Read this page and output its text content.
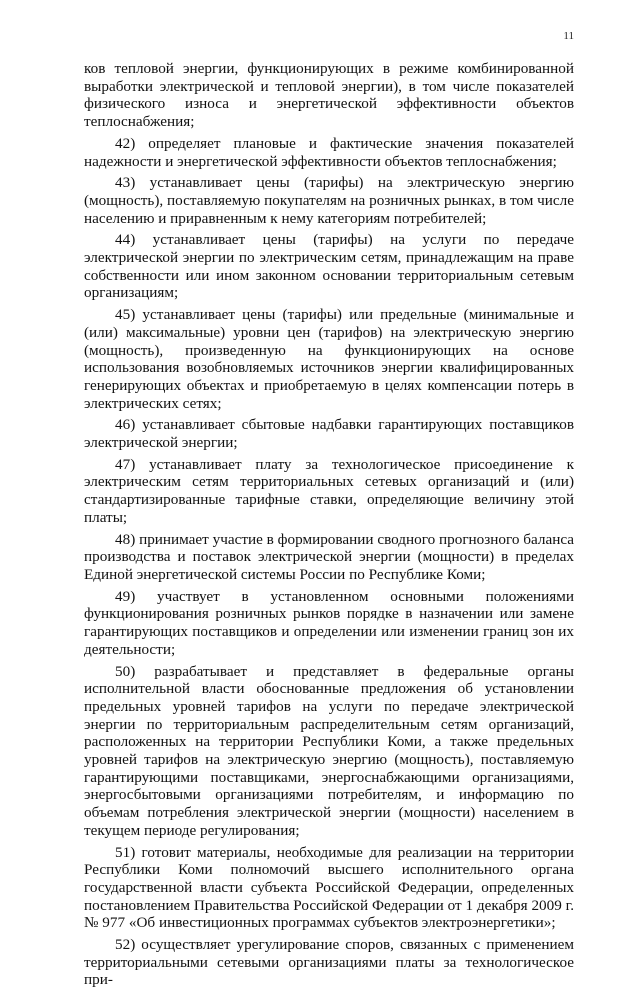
11

ков тепловой энергии, функционирующих в режиме комбинированной выработки электрической и тепловой энергии), в том числе показателей физического износа и энергетической эффективности объектов теплоснабжения;

42) определяет плановые и фактические значения показателей надежности и энергетической эффективности объектов теплоснабжения;

43) устанавливает цены (тарифы) на электрическую энергию (мощность), поставляемую покупателям на розничных рынках, в том числе населению и приравненным к нему категориям потребителей;

44) устанавливает цены (тарифы) на услуги по передаче электрической энергии по электрическим сетям, принадлежащим на праве собственности или ином законном основании территориальным сетевым организациям;

45) устанавливает цены (тарифы) или предельные (минимальные и (или) максимальные) уровни цен (тарифов) на электрическую энергию (мощность), произведенную на функционирующих на основе использования возобновляемых источников энергии квалифицированных генерирующих объектах и приобретаемую в целях компенсации потерь в электрических сетях;

46) устанавливает сбытовые надбавки гарантирующих поставщиков электрической энергии;

47) устанавливает плату за технологическое присоединение к электрическим сетям территориальных сетевых организаций и (или) стандартизированные тарифные ставки, определяющие величину этой платы;

48) принимает участие в формировании сводного прогнозного баланса производства и поставок электрической энергии (мощности) в пределах Единой энергетической системы России по Республике Коми;

49) участвует в установленном основными положениями функционирования розничных рынков порядке в назначении или замене гарантирующих поставщиков и определении или изменении границ зон их деятельности;

50) разрабатывает и представляет в федеральные органы исполнительной власти обоснованные предложения об установлении предельных уровней тарифов на услуги по передаче электрической энергии по территориальным распределительным сетям организаций, расположенных на территории Республики Коми, а также предельных уровней тарифов на электрическую энергию (мощность), поставляемую гарантирующими поставщиками, энергоснабжающими организациями, энергосбытовыми организациями потребителям, и информацию по объемам потребления электрической энергии (мощности) населением в текущем периоде регулирования;

51) готовит материалы, необходимые для реализации на территории Республики Коми полномочий высшего исполнительного органа государственной власти субъекта Российской Федерации, определенных постановлением Правительства Российской Федерации от 1 декабря 2009 г. № 977 «Об инвестиционных программах субъектов электроэнергетики»;

52) осуществляет урегулирование споров, связанных с применением территориальными сетевыми организациями платы за технологическое при-
